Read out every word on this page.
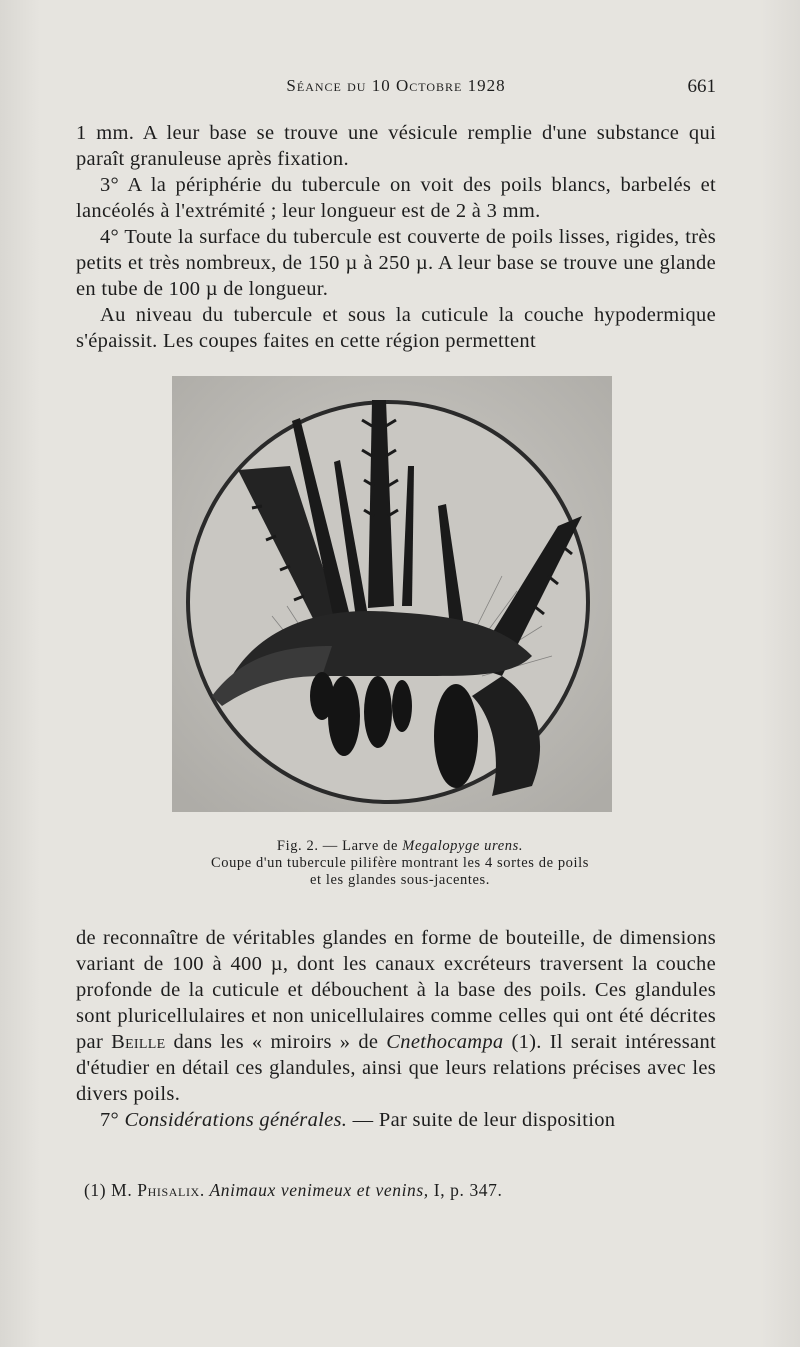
Séance du 10 Octobre 1928	661

1 mm. A leur base se trouve une vésicule remplie d'une substance qui paraît granuleuse après fixation.

3° A la périphérie du tubercule on voit des poils blancs, barbelés et lancéolés à l'extrémité ; leur longueur est de 2 à 3 mm.

4° Toute la surface du tubercule est couverte de poils lisses, rigides, très petits et très nombreux, de 150 µ à 250 µ. A leur base se trouve une glande en tube de 100 µ de longueur.

Au niveau du tubercule et sous la cuticule la couche hypodermique s'épaissit. Les coupes faites en cette région permettent

Fig. 2. — Larve de Megalopyge urens.
Coupe d'un tubercule pilifère montrant les 4 sortes de poils
et les glandes sous-jacentes.

de reconnaître de véritables glandes en forme de bouteille, de dimensions variant de 100 à 400 µ, dont les canaux excréteurs traversent la couche profonde de la cuticule et débouchent à la base des poils. Ces glandules sont pluricellulaires et non unicellulaires comme celles qui ont été décrites par Beille dans les « miroirs » de Cnethocampa (1). Il serait intéressant d'étudier en détail ces glandules, ainsi que leurs relations précises avec les divers poils.

7° Considérations générales. — Par suite de leur disposition

(1) M. Phisalix. Animaux venimeux et venins, I, p. 347.
